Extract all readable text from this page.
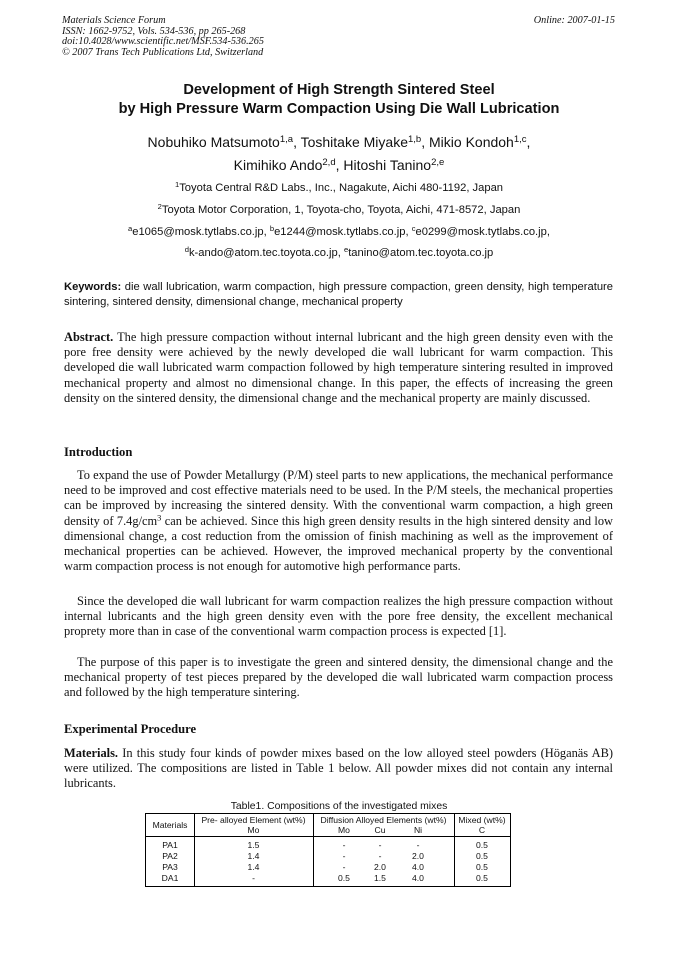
Materials Science Forum
ISSN: 1662-9752, Vols. 534-536, pp 265-268
doi:10.4028/www.scientific.net/MSF.534-536.265
© 2007 Trans Tech Publications Ltd, Switzerland
Online: 2007-01-15
Development of High Strength Sintered Steel
by High Pressure Warm Compaction Using Die Wall Lubrication
Nobuhiko Matsumoto$^{1,a}$, Toshitake Miyake$^{1,b}$, Mikio Kondoh$^{1,c}$,
Kimihiko Ando$^{2,d}$, Hitoshi Tanino$^{2,e}$
$^1$Toyota Central R&D Labs., Inc., Nagakute, Aichi 480-1192, Japan
$^2$Toyota Motor Corporation, 1, Toyota-cho, Toyota, Aichi, 471-8572, Japan
$^a$e1065@mosk.tytlabs.co.jp, $^b$e1244@mosk.tytlabs.co.jp, $^c$e0299@mosk.tytlabs.co.jp,
$^d$k-ando@atom.tec.toyota.co.jp, $^e$tanino@atom.tec.toyota.co.jp
Keywords: die wall lubrication, warm compaction, high pressure compaction, green density, high temperature sintering, sintered density, dimensional change, mechanical property
Abstract. The high pressure compaction without internal lubricant and the high green density even with the pore free density were achieved by the newly developed die wall lubricant for warm compaction. This developed die wall lubricated warm compaction followed by high temperature sintering resulted in improved mechanical property and almost no dimensional change. In this paper, the effects of increasing the green density on the sintered density, the dimensional change and the mechanical property are mainly discussed.
Introduction
To expand the use of Powder Metallurgy (P/M) steel parts to new applications, the mechanical performance need to be improved and cost effective materials need to be used. In the P/M steels, the mechanical properties can be improved by increasing the sintered density. With the conventional warm compaction, a high green density of $7.4g/cm^3$ can be achieved. Since this high green density results in the high sintered density and low dimensional change, a cost reduction from the omission of finish machining as well as the improvement of mechanical properties can be achieved. However, the improved mechanical property by the conventional warm compaction process is not enough for automotive high performance parts.
Since the developed die wall lubricant for warm compaction realizes the high pressure compaction without internal lubricants and the high green density even with the pore free density, the excellent mechanical proprety more than in case of the conventional warm compaction process is expected [1].
The purpose of this paper is to investigate the green and sintered density, the dimensional change and the mechanical property of test pieces prepared by the developed die wall lubricated warm compaction process and followed by the high temperature sintering.
Experimental Procedure
Materials. In this study four kinds of powder mixes based on the low alloyed steel powders (Höganäs AB) were utilized. The compositions are listed in Table 1 below. All powder mixes did not contain any internal lubricants.
Table1. Compositions of the investigated mixes
Materials	Pre- alloyed Element (wt%)	Diffusion Alloyed Elements (wt%)	Mixed (wt%)
Mo	Mo	Cu	Ni	C
PA1	1.5	-	-	-	0.5
PA2	1.4	-	-	2.0	0.5
PA3	1.4	-	2.0	4.0	0.5
DA1	-	0.5	1.5	4.0	0.5
